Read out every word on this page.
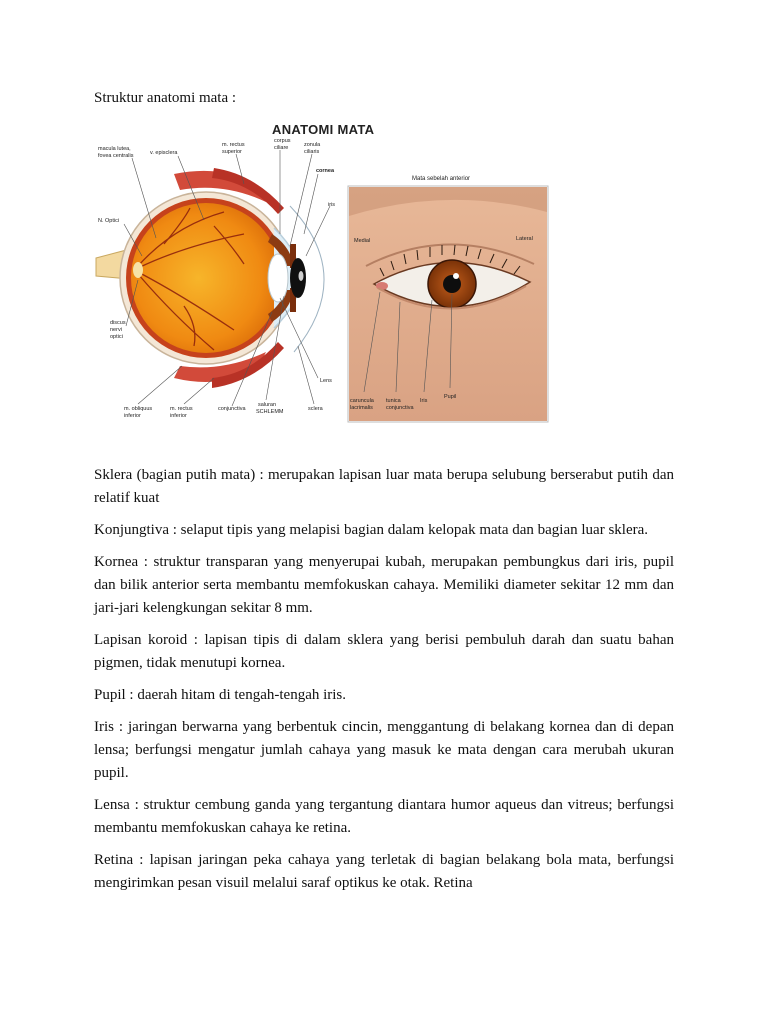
Struktur anatomi mata :
ANATOMI MATA
macula lutea,
fovea centralis	v. episclera
m. rectus
superior
corpus
ciliare	zonula
ciliaris
cornea
iris
N. Optici
discus
nervi
optici
Lens
m. obliquus
inferior
m. rectus
inferior
conjunctiva
saluran
SCHLEMM	sclera
Mata sebelah anterior
Medial	Lateral
caruncula
lacrimalis
tunica
conjunctiva
Iris
Pupil

Sklera (bagian putih mata) : merupakan lapisan luar mata berupa selubung berserabut putih dan relatif kuat

Konjungtiva : selaput tipis yang melapisi bagian dalam kelopak mata dan bagian luar sklera.

Kornea : struktur transparan yang menyerupai kubah, merupakan pembungkus dari iris, pupil dan bilik anterior serta membantu memfokuskan cahaya. Memiliki diameter sekitar 12 mm dan jari-jari kelengkungan sekitar 8 mm.

Lapisan koroid : lapisan tipis di dalam sklera yang berisi pembuluh darah dan suatu bahan pigmen, tidak menutupi kornea.

Pupil : daerah hitam di tengah-tengah iris.

Iris : jaringan berwarna yang berbentuk cincin, menggantung di belakang kornea dan di depan lensa; berfungsi mengatur jumlah cahaya yang masuk ke mata dengan cara merubah ukuran pupil.

Lensa : struktur cembung ganda yang tergantung diantara humor aqueus dan vitreus; berfungsi membantu memfokuskan cahaya ke retina.

Retina : lapisan jaringan peka cahaya yang terletak di bagian belakang bola mata, berfungsi mengirimkan pesan visuil melalui saraf optikus ke otak. Retina
